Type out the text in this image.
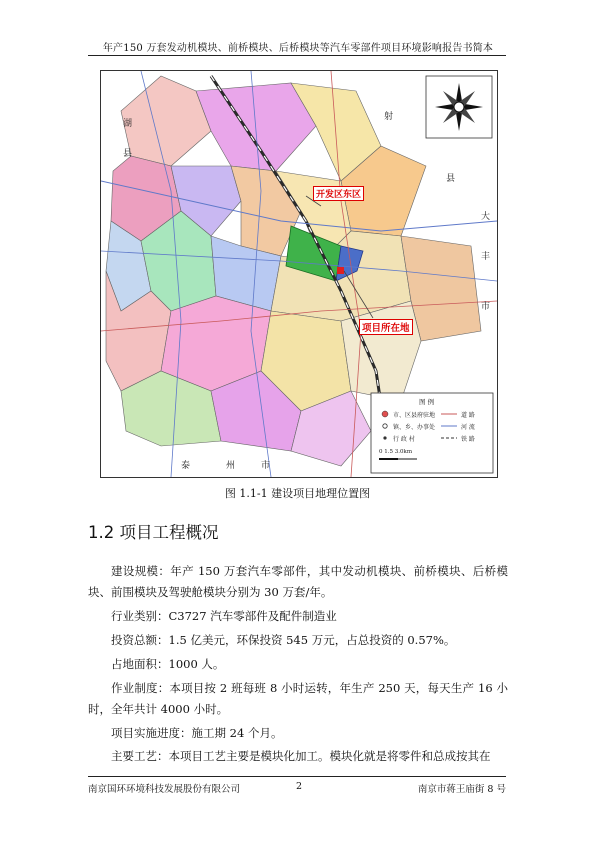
年产150 万套发动机模块、前桥模块、后桥模块等汽车零部件项目环境影响报告书简本
开发区东区
项目所在地
湖
县
射
县
大
丰
市
泰	州	市
图 例
市、区县府驻地
镇、乡、办事处
行 政 村
道 路
河 流
铁 路
0 1.5 3.0km
图 1.1-1 建设项目地理位置图
1.2 项目工程概况
建设规模：年产 150 万套汽车零部件，其中发动机模块、前桥模块、后桥模块、前围模块及驾驶舱模块分别为 30 万套/年。
行业类别：C3727 汽车零部件及配件制造业
投资总额：1.5 亿美元，环保投资 545 万元，占总投资的 0.57%。
占地面积：1000 人。
作业制度：本项目按 2 班每班 8 小时运转，年生产 250 天，每天生产 16 小时，全年共计 4000 小时。
项目实施进度：施工期 24 个月。
主要工艺：本项目工艺主要是模块化加工。模块化就是将零件和总成按其在
南京国环环境科技发展股份有限公司	2	南京市蒋王庙街 8 号
